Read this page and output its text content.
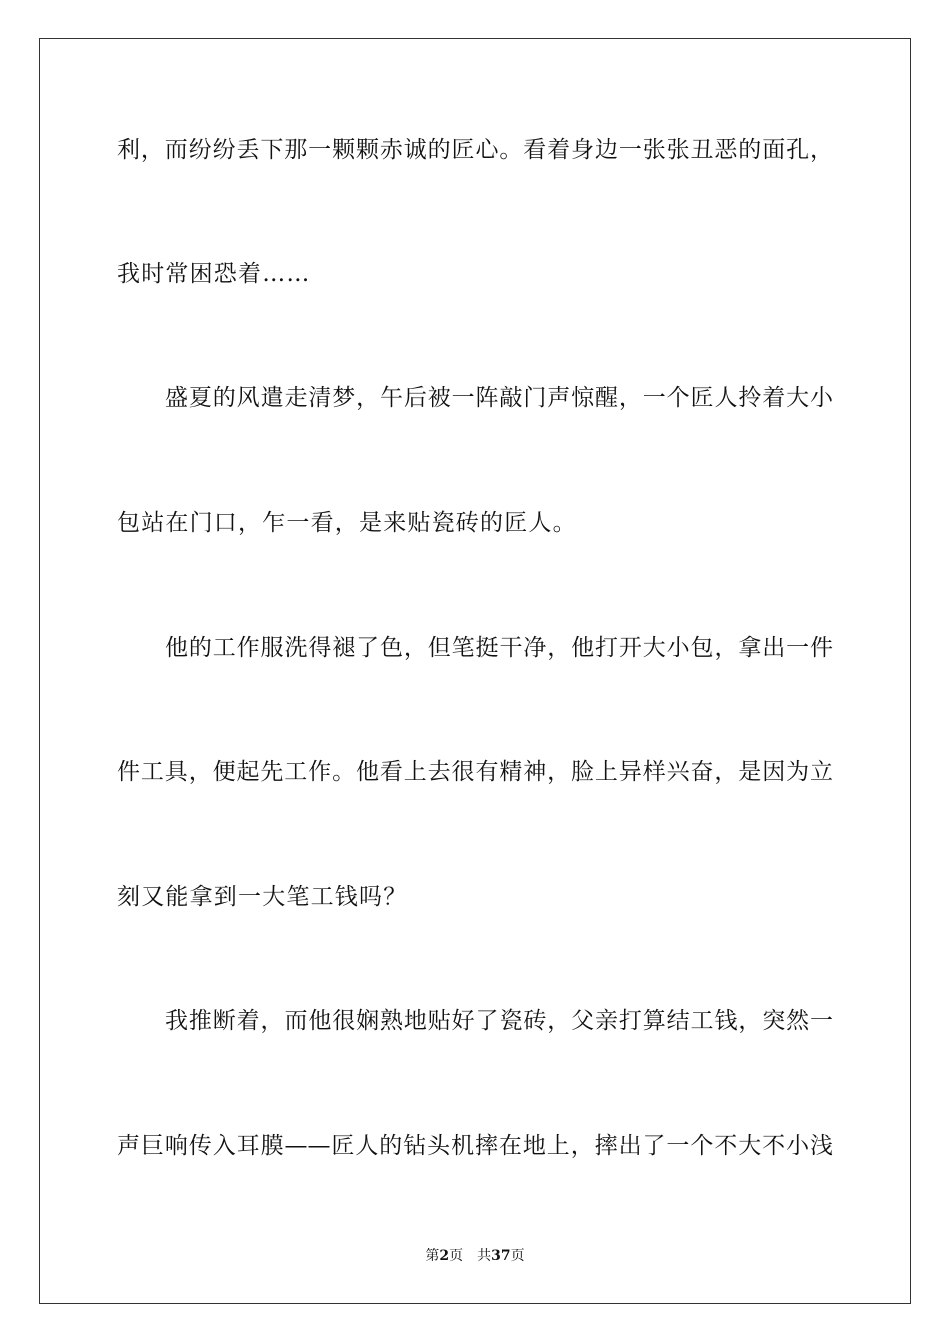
利，而纷纷丢下那一颗颗赤诚的匠心。看着身边一张张丑恶的面孔，
我时常困恐着……
盛夏的风遣走清梦，午后被一阵敲门声惊醒，一个匠人拎着大小
包站在门口，乍一看，是来贴瓷砖的匠人。
他的工作服洗得褪了色，但笔挺干净，他打开大小包，拿出一件
件工具，便起先工作。他看上去很有精神，脸上异样兴奋，是因为立
刻又能拿到一大笔工钱吗？
我推断着，而他很娴熟地贴好了瓷砖，父亲打算结工钱，突然一
声巨响传入耳膜——匠人的钻头机摔在地上，摔出了一个不大不小浅
第2页 共37页
